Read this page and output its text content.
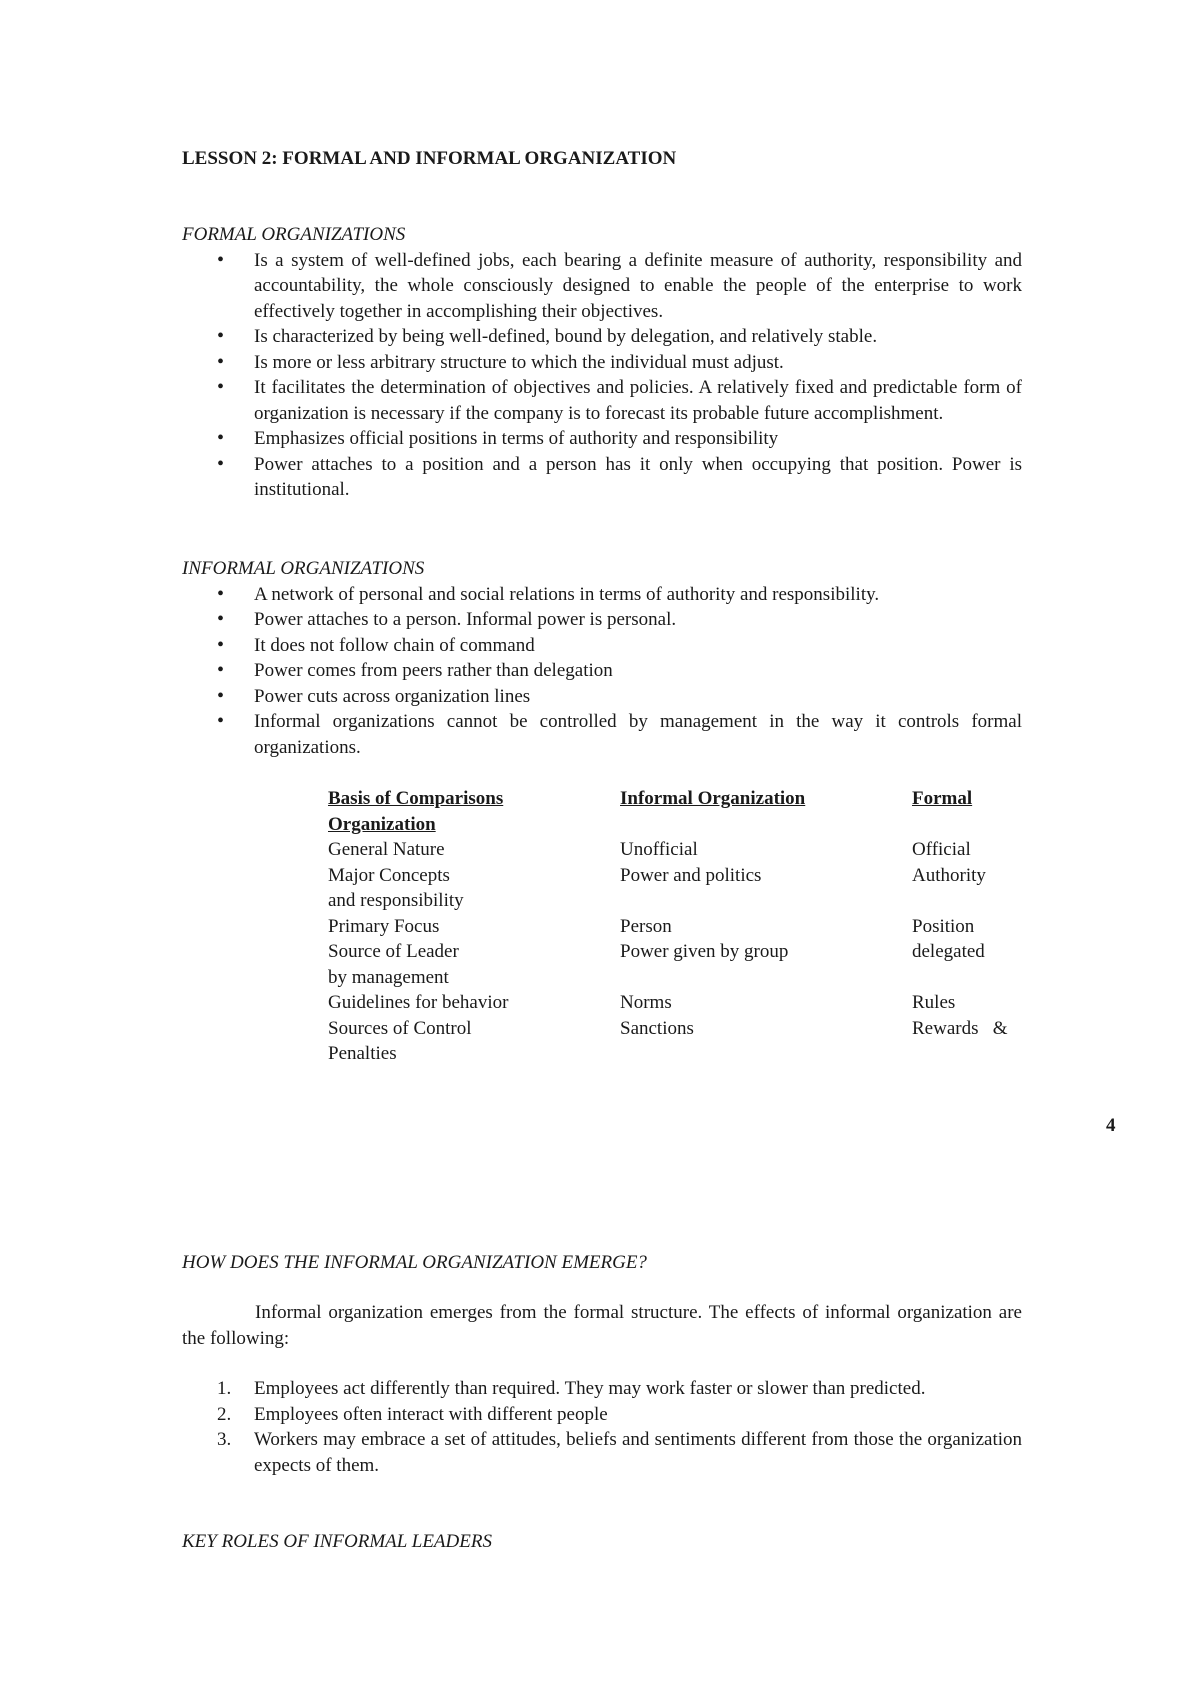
LESSON 2: FORMAL AND INFORMAL ORGANIZATION
FORMAL ORGANIZATIONS
• Is a system of well-defined jobs, each bearing a definite measure of authority, responsibility and accountability, the whole consciously designed to enable the people of the enterprise to work effectively together in accomplishing their objectives.
• Is characterized by being well-defined, bound by delegation, and relatively stable.
• Is more or less arbitrary structure to which the individual must adjust.
• It facilitates the determination of objectives and policies. A relatively fixed and predictable form of organization is necessary if the company is to forecast its probable future accomplishment.
• Emphasizes official positions in terms of authority and responsibility
• Power attaches to a position and a person has it only when occupying that position. Power is institutional.
INFORMAL ORGANIZATIONS
• A network of personal and social relations in terms of authority and responsibility.
• Power attaches to a person. Informal power is personal.
• It does not follow chain of command
• Power comes from peers rather than delegation
• Power cuts across organization lines
• Informal organizations cannot be controlled by management in the way it controls formal organizations.
Basis of Comparisons	Informal Organization	Formal
Organization
General Nature	Unofficial	Official
Major Concepts	Power and politics	Authority
and responsibility
Primary Focus	Person	Position
Source of Leader	Power given by group	delegated
by management
Guidelines for behavior	Norms	Rules
Sources of Control	Sanctions	Rewards   &
Penalties
4
HOW DOES THE INFORMAL ORGANIZATION EMERGE?
Informal organization emerges from the formal structure. The effects of informal organization are the following:
1. Employees act differently than required. They may work faster or slower than predicted.
2. Employees often interact with different people
3. Workers may embrace a set of attitudes, beliefs and sentiments different from those the organization expects of them.
KEY ROLES OF INFORMAL LEADERS
